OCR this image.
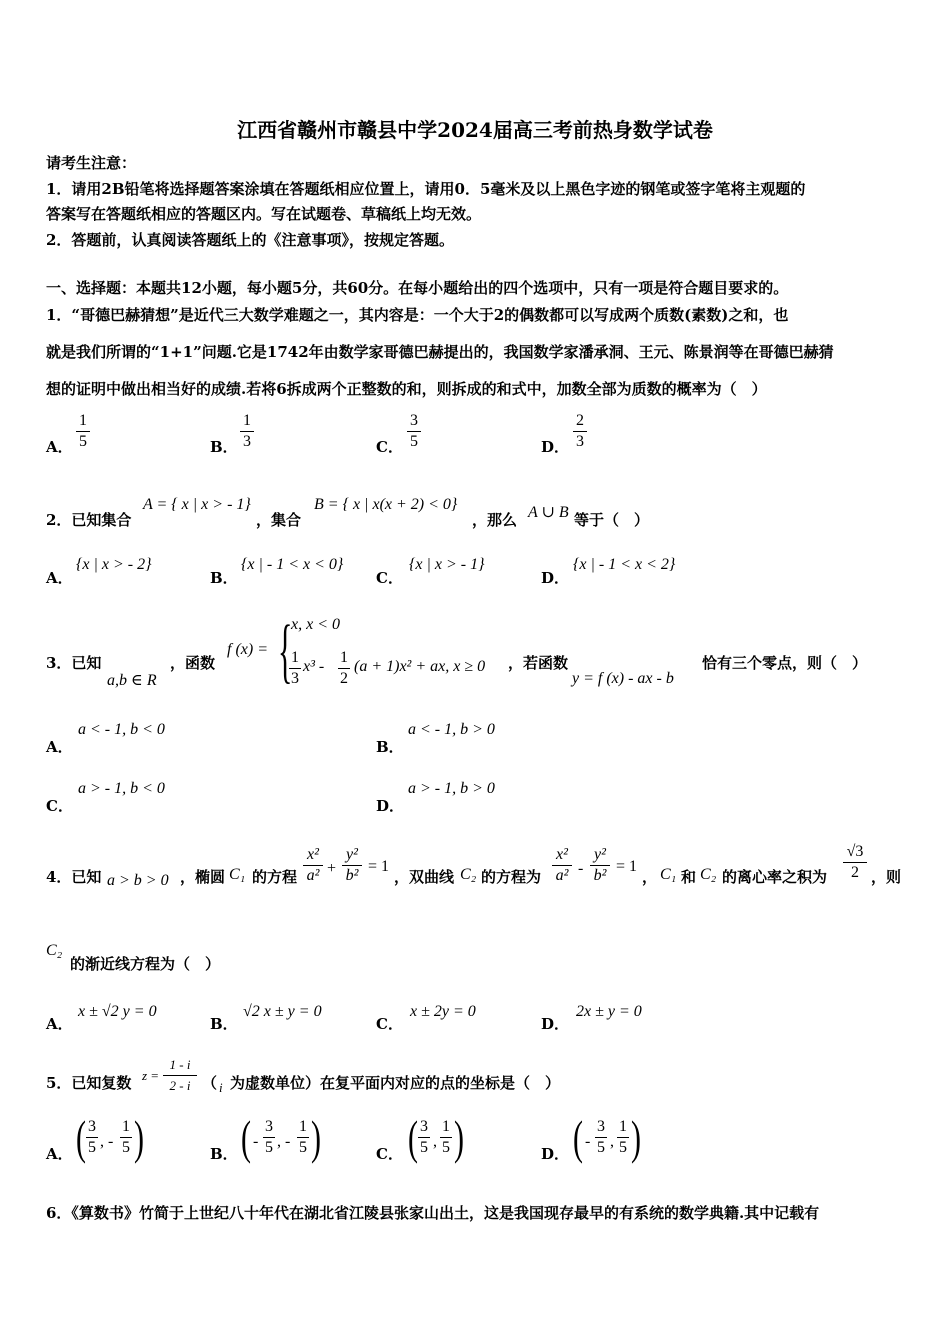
江西省赣州市赣县中学2024届高三考前热身数学试卷
请考生注意：
1．请用2B铅笔将选择题答案涂填在答题纸相应位置上，请用0．5毫米及以上黑色字迹的钢笔或签字笔将主观题的
答案写在答题纸相应的答题区内。写在试题卷、草稿纸上均无效。
2．答题前，认真阅读答题纸上的《注意事项》，按规定答题。
一、选择题：本题共12小题，每小题5分，共60分。在每小题给出的四个选项中，只有一项是符合题目要求的。
1．“哥德巴赫猜想”是近代三大数学难题之一，其内容是：一个大于2的偶数都可以写成两个质数(素数)之和，也
就是我们所谓的“1+1”问题.它是1742年由数学家哥德巴赫提出的，我国数学家潘承洞、王元、陈景润等在哥德巴赫猜
想的证明中做出相当好的成绩.若将6拆成两个正整数的和，则拆成的和式中，加数全部为质数的概率为（　）
A．
1
5	B．
1
3	C．
3
5	D．
2
3
2．已知集合
A = { x | x > - 1}
，集合
B = { x | x(x + 2) < 0}
，那么 A ∪ B 等于（　）
A．
{x | x > - 2}
B．
{x | - 1 < x < 0}
C．
{x | x > - 1}
D．
{x | - 1 < x < 2}
3．已知
a,b ∈ R
，函数
f (x) = {
x, x < 0
1
3
x³ -
1
2
(a + 1)x² + ax, x ≥ 0 ，若函数
y = f (x) - ax - b
恰有三个零点，则（　）
A．
a < - 1, b < 0
B．
a < - 1, b > 0
C．
a > - 1, b < 0
D．
a > - 1, b > 0
4．已知 a > b > 0 ，椭圆 C₁ 的方程
x²
a² +
y²
b²
= 1
，双曲线 C₂ 的方程为
x²
a² -
y²
b²
= 1
， C₁ 和 C₂ 的离心率之积为
√3
2 ，则
C₂
的渐近线方程为（　）
A．
x ± √2 y = 0
B．
√2 x ± y = 0
C．
x ± 2y = 0
D．
2x ± y = 0
5．已知复数 z =
1 - i
2 - i （ i 为虚数单位）在复平面内对应的点的坐标是（　）
A． ( 3
5 , -
1
5 )	B． ( -
3
5 , -
1
5 )	C． ( 3
5 ,
1
5 )	D． ( -
3
5 ,
1
5 )
6．《算数书》竹简于上世纪八十年代在湖北省江陵县张家山出土，这是我国现存最早的有系统的数学典籍.其中记载有
